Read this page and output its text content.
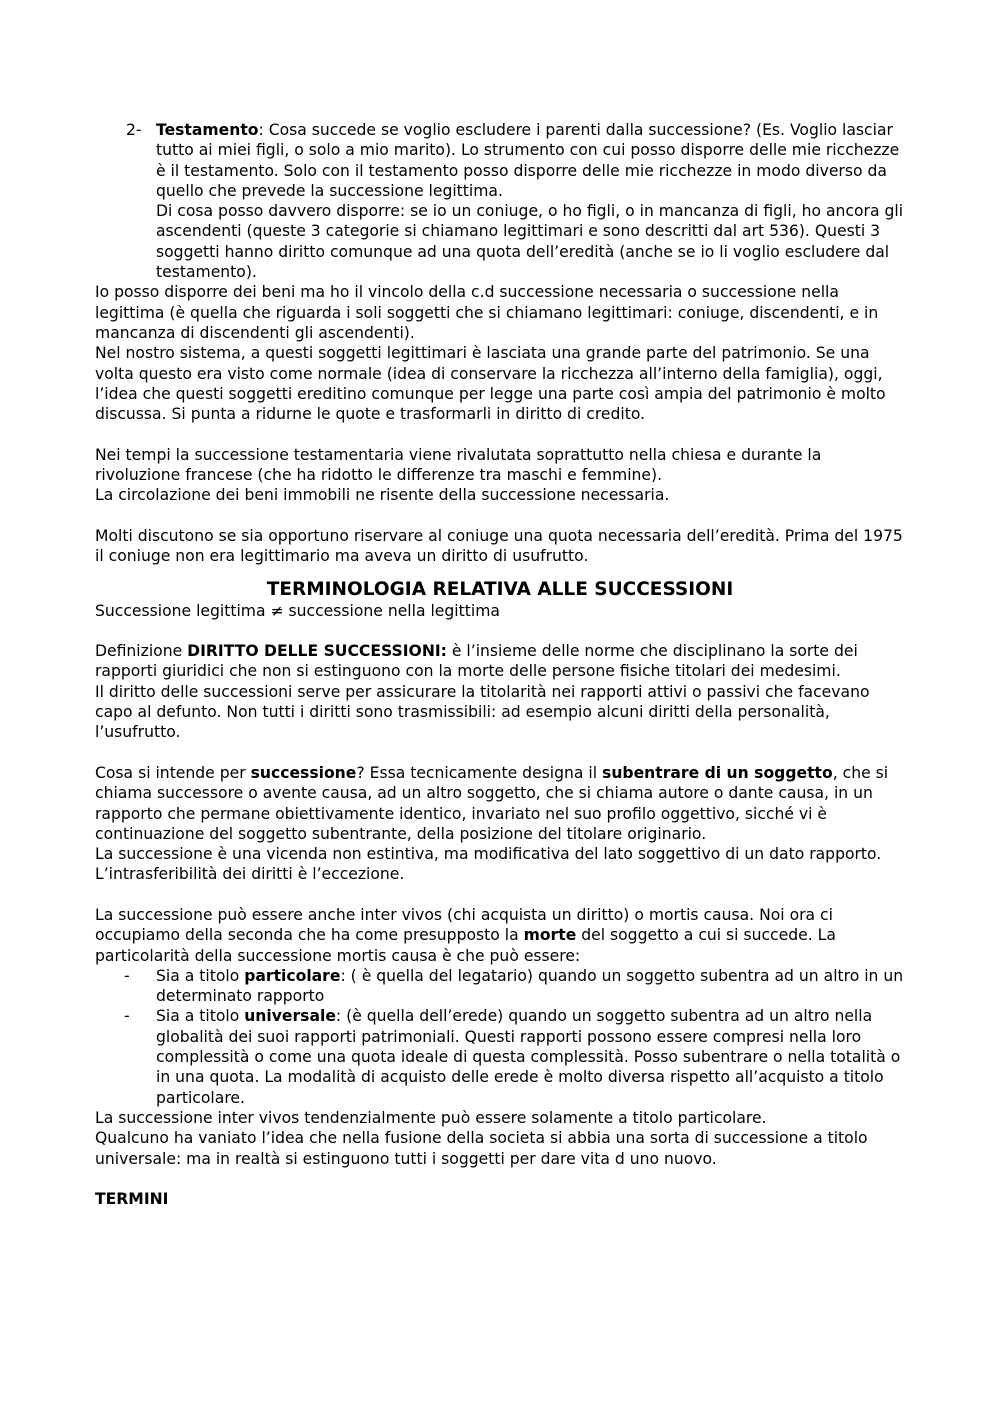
2- Testamento: Cosa succede se voglio escludere i parenti dalla successione? (Es. Voglio lasciar tutto ai miei figli, o solo a mio marito). Lo strumento con cui posso disporre delle mie ricchezze è il testamento. Solo con il testamento posso disporre delle mie ricchezze in modo diverso da quello che prevede la successione legittima.

Di cosa posso davvero disporre: se io un coniuge, o ho figli, o in mancanza di figli, ho ancora gli ascendenti (queste 3 categorie si chiamano legittimari e sono descritti dal art 536). Questi 3 soggetti hanno diritto comunque ad una quota dell’eredità (anche se io li voglio escludere dal testamento).

Io posso disporre dei beni ma ho il vincolo della c.d successione necessaria o successione nella legittima (è quella che riguarda i soli soggetti che si chiamano legittimari: coniuge, discendenti, e in mancanza di discendenti gli ascendenti).

Nel nostro sistema, a questi soggetti legittimari è lasciata una grande parte del patrimonio. Se una volta questo era visto come normale (idea di conservare la ricchezza all’interno della famiglia), oggi, l’idea che questi soggetti ereditino comunque per legge una parte così ampia del patrimonio è molto discussa. Si punta a ridurne le quote e trasformarli in diritto di credito.

Nei tempi la successione testamentaria viene rivalutata soprattutto nella chiesa e durante la rivoluzione francese (che ha ridotto le differenze tra maschi e femmine).

La circolazione dei beni immobili ne risente della successione necessaria.

Molti discutono se sia opportuno riservare al coniuge una quota necessaria dell’eredità. Prima del 1975 il coniuge non era legittimario ma aveva un diritto di usufrutto.

TERMINOLOGIA RELATIVA ALLE SUCCESSIONI

Successione legittima ≠ successione nella legittima

Definizione DIRITTO DELLE SUCCESSIONI: è l’insieme delle norme che disciplinano la sorte dei rapporti giuridici che non si estinguono con la morte delle persone fisiche titolari dei medesimi.

Il diritto delle successioni serve per assicurare la titolarità nei rapporti attivi o passivi che facevano capo al defunto. Non tutti i diritti sono trasmissibili: ad esempio alcuni diritti della personalità, l’usufrutto.

Cosa si intende per successione? Essa tecnicamente designa il subentrare di un soggetto, che si chiama successore o avente causa, ad un altro soggetto, che si chiama autore o dante causa, in un rapporto che permane obiettivamente identico, invariato nel suo profilo oggettivo, sicché vi è continuazione del soggetto subentrante, della posizione del titolare originario.

La successione è una vicenda non estintiva, ma modificativa del lato soggettivo di un dato rapporto. L’intrasferibilità dei diritti è l’eccezione.

La successione può essere anche inter vivos (chi acquista un diritto) o mortis causa. Noi ora ci occupiamo della seconda che ha come presupposto la morte del soggetto a cui si succede. La particolarità della successione mortis causa è che può essere:

- Sia a titolo particolare: ( è quella del legatario) quando un soggetto subentra ad un altro in un determinato rapporto

- Sia a titolo universale: (è quella dell’erede) quando un soggetto subentra ad un altro nella globalità dei suoi rapporti patrimoniali. Questi rapporti possono essere compresi nella loro complessità o come una quota ideale di questa complessità. Posso subentrare o nella totalità o in una quota. La modalità di acquisto delle erede è molto diversa rispetto all’acquisto a titolo particolare.

La successione inter vivos tendenzialmente può essere solamente a titolo particolare.

Qualcuno ha vaniato l’idea che nella fusione della societa si abbia una sorta di successione a titolo universale: ma in realtà si estinguono tutti i soggetti per dare vita d uno nuovo.

TERMINI
